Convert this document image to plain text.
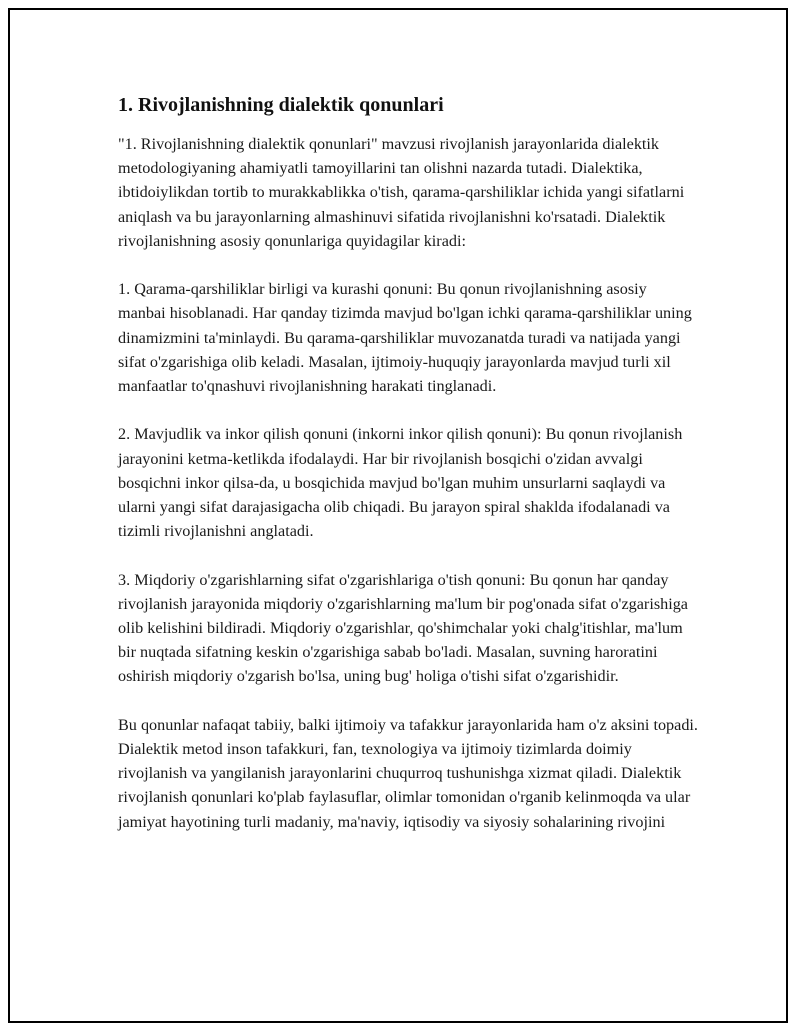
1. Rivojlanishning dialektik qonunlari

"1. Rivojlanishning dialektik qonunlari" mavzusi rivojlanish jarayonlarida dialektik metodologiyaning ahamiyatli tamoyillarini tan olishni nazarda tutadi. Dialektika, ibtidoiylikdan tortib to murakkablikka o'tish, qarama-qarshiliklar ichida yangi sifatlarni aniqlash va bu jarayonlarning almashinuvi sifatida rivojlanishni ko'rsatadi. Dialektik rivojlanishning asosiy qonunlariga quyidagilar kiradi:

1. Qarama-qarshiliklar birligi va kurashi qonuni: Bu qonun rivojlanishning asosiy manbai hisoblanadi. Har qanday tizimda mavjud bo'lgan ichki qarama-qarshiliklar uning dinamizmini ta'minlaydi. Bu qarama-qarshiliklar muvozanatda turadi va natijada yangi sifat o'zgarishiga olib keladi. Masalan, ijtimoiy-huquqiy jarayonlarda mavjud turli xil manfaatlar to'qnashuvi rivojlanishning harakati tinglanadi.

2. Mavjudlik va inkor qilish qonuni (inkorni inkor qilish qonuni): Bu qonun rivojlanish jarayonini ketma-ketlikda ifodalaydi. Har bir rivojlanish bosqichi o'zidan avvalgi bosqichni inkor qilsa-da, u bosqichida mavjud bo'lgan muhim unsurlarni saqlaydi va ularni yangi sifat darajasigacha olib chiqadi. Bu jarayon spiral shaklda ifodalanadi va tizimli rivojlanishni anglatadi.

3. Miqdoriy o'zgarishlarning sifat o'zgarishlariga o'tish qonuni: Bu qonun har qanday rivojlanish jarayonida miqdoriy o'zgarishlarning ma'lum bir pog'onada sifat o'zgarishiga olib kelishini bildiradi. Miqdoriy o'zgarishlar, qo'shimchalar yoki chalg'itishlar, ma'lum bir nuqtada sifatning keskin o'zgarishiga sabab bo'ladi. Masalan, suvning haroratini oshirish miqdoriy o'zgarish bo'lsa, uning bug' holiga o'tishi sifat o'zgarishidir.

Bu qonunlar nafaqat tabiiy, balki ijtimoiy va tafakkur jarayonlarida ham o'z aksini topadi. Dialektik metod inson tafakkuri, fan, texnologiya va ijtimoiy tizimlarda doimiy rivojlanish va yangilanish jarayonlarini chuqurroq tushunishga xizmat qiladi. Dialektik rivojlanish qonunlari ko'plab faylasuflar, olimlar tomonidan o'rganib kelinmoqda va ular jamiyat hayotining turli madaniy, ma'naviy, iqtisodiy va siyosiy sohalarining rivojini
